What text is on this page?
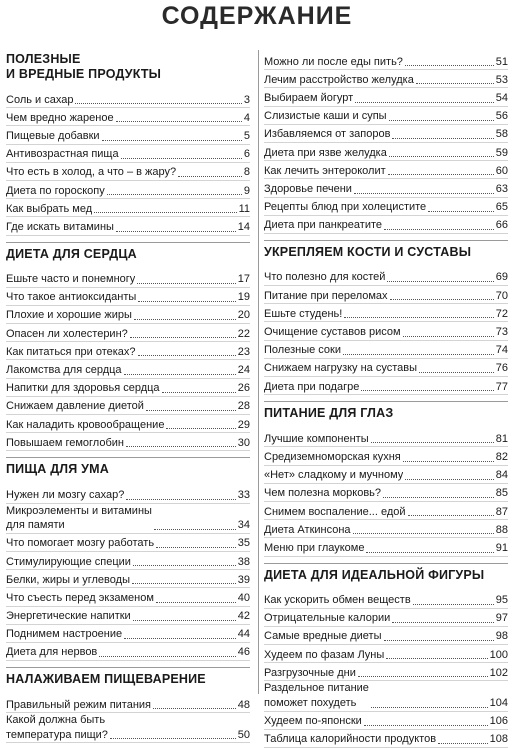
СОДЕРЖАНИЕ
ПОЛЕЗНЫЕ
И ВРЕДНЫЕ ПРОДУКТЫ
Соль и сахар	3
Чем вредно жареное	4
Пищевые добавки	5
Антивозрастная пища	6
Что есть в холод, а что – в жару?	8
Диета по гороскопу	9
Как выбрать мед	11
Где искать витамины	14
ДИЕТА ДЛЯ СЕРДЦА
Ешьте часто и понемногу	17
Что такое антиоксиданты	19
Плохие и хорошие жиры	20
Опасен ли холестерин?	22
Как питаться при отеках?	23
Лакомства для сердца	24
Напитки для здоровья сердца	26
Снижаем давление диетой	28
Как наладить кровообращение	29
Повышаем гемоглобин	30
ПИЩА ДЛЯ УМА
Нужен ли мозгу сахар?	33
Микроэлементы и витамины
для памяти	34
Что помогает мозгу работать	35
Стимулирующие специи	38
Белки, жиры и углеводы	39
Что съесть перед экзаменом	40
Энергетические напитки	42
Поднимем настроение	44
Диета для нервов	46
НАЛАЖИВАЕМ ПИЩЕВАРЕНИЕ
Правильный режим питания	48
Какой должна быть
температура пищи?	50
Можно ли после еды пить?	51
Лечим расстройство желудка	53
Выбираем йогурт	54
Слизистые каши и супы	56
Избавляемся от запоров	58
Диета при язве желудка	59
Как лечить энтероколит	60
Здоровье печени	63
Рецепты блюд при холецистите	65
Диета при панкреатите	66
УКРЕПЛЯЕМ КОСТИ И СУСТАВЫ
Что полезно для костей	69
Питание при переломах	70
Ешьте студень!	72
Очищение суставов рисом	73
Полезные соки	74
Снижаем нагрузку на суставы	76
Диета при подагре	77
ПИТАНИЕ ДЛЯ ГЛАЗ
Лучшие компоненты	81
Средиземноморская кухня	82
«Нет» сладкому и мучному	84
Чем полезна морковь?	85
Снимем воспаление... едой	87
Диета Аткинсона	88
Меню при глаукоме	91
ДИЕТА ДЛЯ ИДЕАЛЬНОЙ ФИГУРЫ
Как ускорить обмен веществ	95
Отрицательные калории	97
Самые вредные диеты	98
Худеем по фазам Луны	100
Разгрузочные дни	102
Раздельное питание
поможет похудеть	104
Худеем по-японски	106
Таблица калорийности продуктов	108
